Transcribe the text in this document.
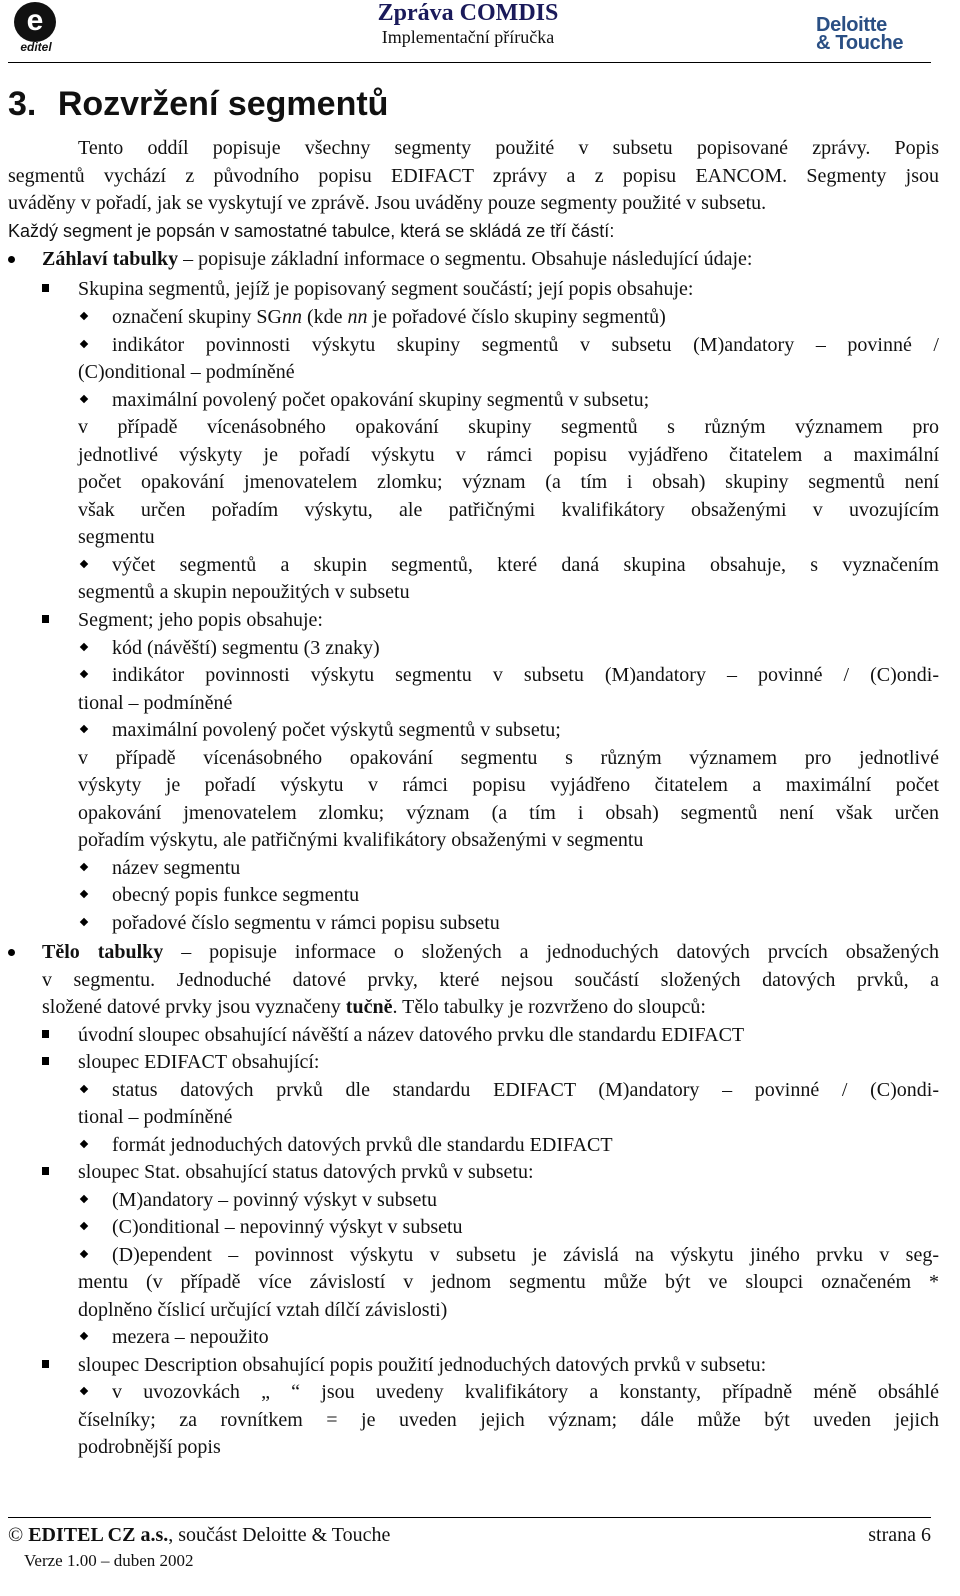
e
editel
Zpráva COMDIS
Implementační příručka
Deloitte
& Touche
3. Rozvržení segmentů
Tento oddíl popisuje všechny segmenty použité v subsetu popisované zprávy. Popis
segmentů vychází z původního popisu EDIFACT zprávy a z popisu EANCOM. Segmenty jsou
uváděny v pořadí, jak se vyskytují ve zprávě. Jsou uváděny pouze segmenty použité v subsetu.
Každý segment je popsán v samostatné tabulce, která se skládá ze tří částí:
Záhlaví tabulky – popisuje základní informace o segmentu. Obsahuje následující údaje:
Skupina segmentů, jejíž je popisovaný segment součástí; její popis obsahuje:
označení skupiny SGnn (kde nn je pořadové číslo skupiny segmentů)
indikátor povinnosti výskytu skupiny segmentů v subsetu (M)andatory – povinné /
(C)onditional – podmíněné
maximální povolený počet opakování skupiny segmentů v subsetu;
v případě vícenásobného opakování skupiny segmentů s různým významem pro
jednotlivé výskyty je pořadí výskytu v rámci popisu vyjádřeno čitatelem a maximální
počet opakování jmenovatelem zlomku; význam (a tím i obsah) skupiny segmentů není
však určen pořadím výskytu, ale patřičnými kvalifikátory obsaženými v uvozujícím
segmentu
výčet segmentů a skupin segmentů, které daná skupina obsahuje, s vyznačením
segmentů a skupin nepoužitých v subsetu
Segment; jeho popis obsahuje:
kód (návěští) segmentu (3 znaky)
indikátor povinnosti výskytu segmentu v subsetu (M)andatory – povinné / (C)ondi-
tional – podmíněné
maximální povolený počet výskytů segmentů v subsetu;
v případě vícenásobného opakování segmentu s různým významem pro jednotlivé
výskyty je pořadí výskytu v rámci popisu vyjádřeno čitatelem a maximální počet
opakování jmenovatelem zlomku; význam (a tím i obsah) segmentů není však určen
pořadím výskytu, ale patřičnými kvalifikátory obsaženými v segmentu
název segmentu
obecný popis funkce segmentu
pořadové číslo segmentu v rámci popisu subsetu
Tělo tabulky – popisuje informace o složených a jednoduchých datových prvcích obsažených
v segmentu. Jednoduché datové prvky, které nejsou součástí složených datových prvků, a
složené datové prvky jsou vyznačeny tučně. Tělo tabulky je rozvrženo do sloupců:
úvodní sloupec obsahující návěští a název datového prvku dle standardu EDIFACT
sloupec EDIFACT obsahující:
status datových prvků dle standardu EDIFACT (M)andatory – povinné / (C)ondi-
tional – podmíněné
formát jednoduchých datových prvků dle standardu EDIFACT
sloupec Stat. obsahující status datových prvků v subsetu:
(M)andatory – povinný výskyt v subsetu
(C)onditional – nepovinný výskyt v subsetu
(D)ependent – povinnost výskytu v subsetu je závislá na výskytu jiného prvku v seg-
mentu (v případě více závislostí v jednom segmentu může být ve sloupci označeném *
doplněno číslicí určující vztah dílčí závislosti)
mezera – nepoužito
sloupec Description obsahující popis použití jednoduchých datových prvků v subsetu:
v uvozovkách „ “ jsou uvedeny kvalifikátory a konstanty, případně méně obsáhlé
číselníky; za rovnítkem = je uveden jejich význam; dále může být uveden jejich
podrobnější popis
© EDITEL CZ a.s., součást Deloitte & Touche	strana 6
Verze 1.00 – duben 2002
